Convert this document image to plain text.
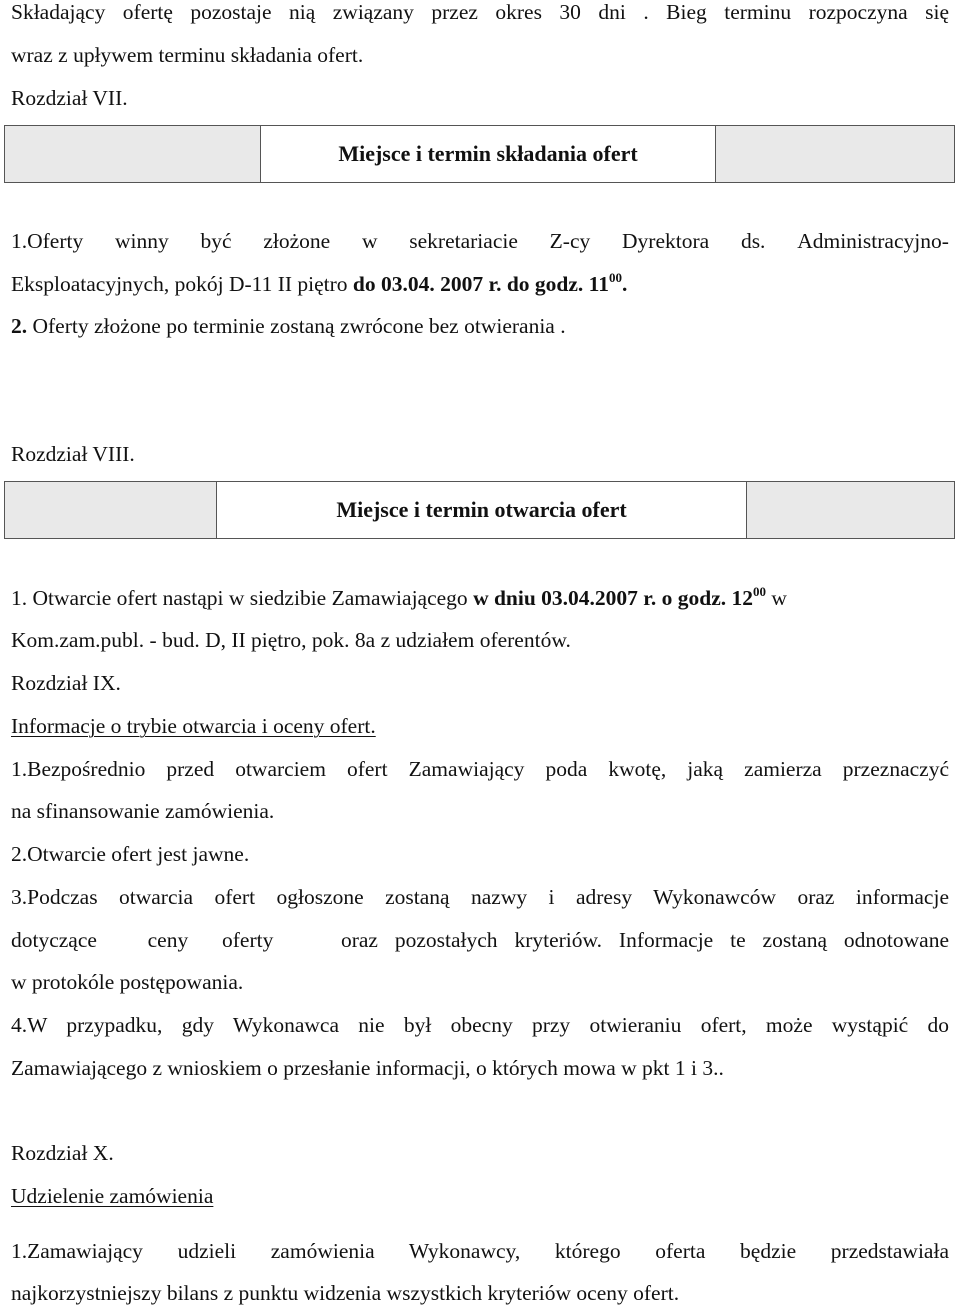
Składający ofertę pozostaje nią związany przez okres 30 dni . Bieg terminu rozpoczyna się
wraz z upływem terminu składania ofert.
Rozdział VII.
Miejsce i termin składania ofert
1.Oferty winny być złożone w sekretariacie Z-cy Dyrektora ds. Administracyjno-
Eksploatacyjnych, pokój D-11 II piętro do 03.04. 2007 r. do godz. $11^{00}$.
2. Oferty złożone po terminie zostaną zwrócone bez otwierania .
Rozdział VIII.
Miejsce i termin otwarcia ofert
1. Otwarcie ofert nastąpi w siedzibie Zamawiającego w dniu 03.04.2007 r. o godz. $12^{00}$ w
Kom.zam.publ. - bud. D, II piętro, pok. 8a z udziałem oferentów.
Rozdział IX.
Informacje o trybie otwarcia i oceny ofert.
1.Bezpośrednio przed otwarciem ofert Zamawiający poda kwotę, jaką zamierza przeznaczyć
na sfinansowanie zamówienia.
2.Otwarcie ofert jest jawne.
3.Podczas otwarcia ofert ogłoszone zostaną nazwy i adresy Wykonawców oraz informacje
dotyczące   ceny  oferty    oraz pozostałych kryteriów. Informacje te zostaną odnotowane
w protokóle postępowania.
4.W przypadku, gdy Wykonawca nie był obecny przy otwieraniu ofert, może wystąpić do
Zamawiającego z wnioskiem o przesłanie informacji, o których mowa w pkt 1 i 3..
Rozdział X.
Udzielenie zamówienia
1.Zamawiający udzieli zamówienia Wykonawcy, którego oferta będzie przedstawiała
najkorzystniejszy bilans z punktu widzenia wszystkich kryteriów oceny ofert.
